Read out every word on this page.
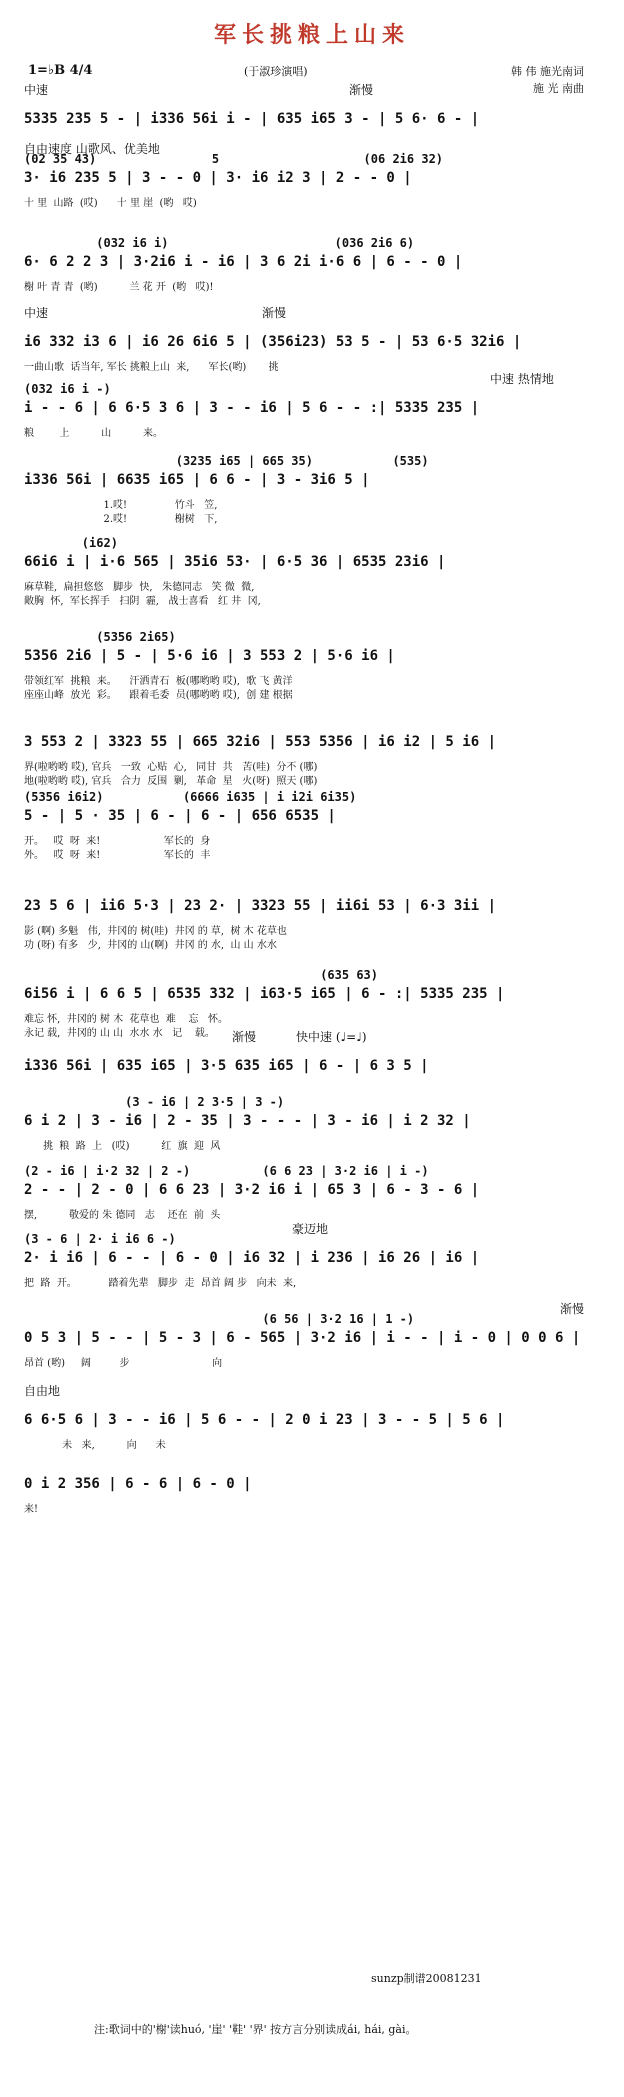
军长挑粮上山来
1=♭B 4/4	(于淑珍演唱)	韩 伟 施光南词
施 光 南曲
中速	渐慢
5335 235 5 - | i336 56i i - | 635 i65 3 - | 5 6· 6 - |
自由速度 山歌风、优美地
(02 35 43)                5                    (06 2i6 32)
3· i6 235 5 | 3 - - 0 | 3· i6 i2 3 | 2 - - 0 |
十 里  山路  (哎)      十 里 崖  (哟   哎)
(032 i6 i)                       (036 2i6 6)
6· 6 2 2 3 | 3·2i6 i - i6 | 3 6 2i i·6 6 | 6 - - 0 |
榭 叶 青 青  (哟)          兰 花 开  (哟   哎)!
中速	渐慢
i6 332 i3 6 | i6 26 6i6 5 | (356i23) 53 5 - | 53 6·5 32i6 |
一曲山歌  话当年, 军长 挑粮上山  来,      军长(哟)       挑
中速 热情地
(032 i6 i -)
i - - 6 | 6 6·5 3 6 | 3 - - i6 | 5 6 - - :| 5335 235 |
粮        上          山          来。
(3235 i65 | 665 35)           (535)
i336 56i | 6635 i65 | 6 6 - | 3 - 3i6 5 |
1.哎!               竹斗   笠,
2.哎!               榭树   下,
(i62)
66i6 i | i·6 565 | 35i6 53· | 6·5 36 | 6535 23i6 |
麻草鞋,  扁担悠悠   脚步  快,   朱德同志   笑 微  微,
敞胸  怀,  军长挥手   扫阴  霾,   战士喜看   红 井  冈,
(5356 2i65)
5356 2i6 | 5 - | 5·6 i6 | 3 553 2 | 5·6 i6 |
带领红军  挑粮  来。    汗洒青石  板(哪哟哟 哎),  歌 飞 黄洋
座座山峰  放光  彩。    跟着毛委  员(哪哟哟 哎),  创 建 根据
3 553 2 | 3323 55 | 665 32i6 | 553 5356 | i6 i2 | 5 i6 |
界(啦哟哟 哎), 官兵   一致  心贴  心,   同甘  共   苦(哇)  分不 (哪)
地(啦哟哟 哎), 官兵   合力  反围  剿,   革命  星   火(呀)  照天 (哪)
(5356 i6i2)           (6666 i635 | i i2i 6i35)
5 - | 5 · 35 | 6 - | 6 - | 656 6535 |
开。   哎  呀  来!                    军长的  身
外。   哎  呀  来!                    军长的  丰
23 5 6 | ii6 5·3 | 23 2· | 3323 55 | ii6i 53 | 6·3 3ii |
影 (啊) 多魁   伟,  井冈的 树(哇)  井冈 的 草,  树 木 花草也
功 (呀) 有多   少,  井冈的 山(啊)  井冈 的 水,  山 山 水水
(635 63)
6i56 i | 6 6 5 | 6535 332 | i63·5 i65 | 6 - :| 5335 235 |
难忘 怀,  井冈的 树 木  花草也  难    忘   怀。
永记 载,  井冈的 山 山  水水 水   记    载。 渐慢	快中速 (♩=♩)
i336 56i | 635 i65 | 3·5 635 i65 | 6 - | 6 3 5 |
(3 - i6 | 2 3·5 | 3 -)
6 i 2 | 3 - i6 | 2 - 35 | 3 - - - | 3 - i6 | i 2 32 |
挑  粮  路  上   (哎)          红  旗  迎  风
(2 - i6 | i·2 32 | 2 -)          (6 6 23 | 3·2 i6 | i -)
2 - - | 2 - 0 | 6 6 23 | 3·2 i6 i | 65 3 | 6 - 3 - 6 |
摆,          敬爱的 朱 德同   志    还在  前  头
豪迈地
(3 - 6 | 2· i i6 6 -)
2· i i6 | 6 - - | 6 - 0 | i6 32 | i 236 | i6 26 | i6 |
把  路  开。          踏着先辈   脚步  走  昂首 阔 步   向未  来,
渐慢
(6 56 | 3·2 16 | 1 -)
0 5 3 | 5 - - | 5 - 3 | 6 - 565 | 3·2 i6 | i - - | i - 0 | 0 0 6 |
昂首 (哟)     阔         步                          向
自由地
6 6·5 6 | 3 - - i6 | 5 6 - - | 2 0 i 23 | 3 - - 5 | 5 6 |
未   来,          向      未
0 i 2 356 | 6 - 6 | 6 - 0 |
来!
sunzp制谱20081231
注:歌词中的'榭'读huó, '崖' '鞋' '界' 按方言分别读成ái, hái, gài。
